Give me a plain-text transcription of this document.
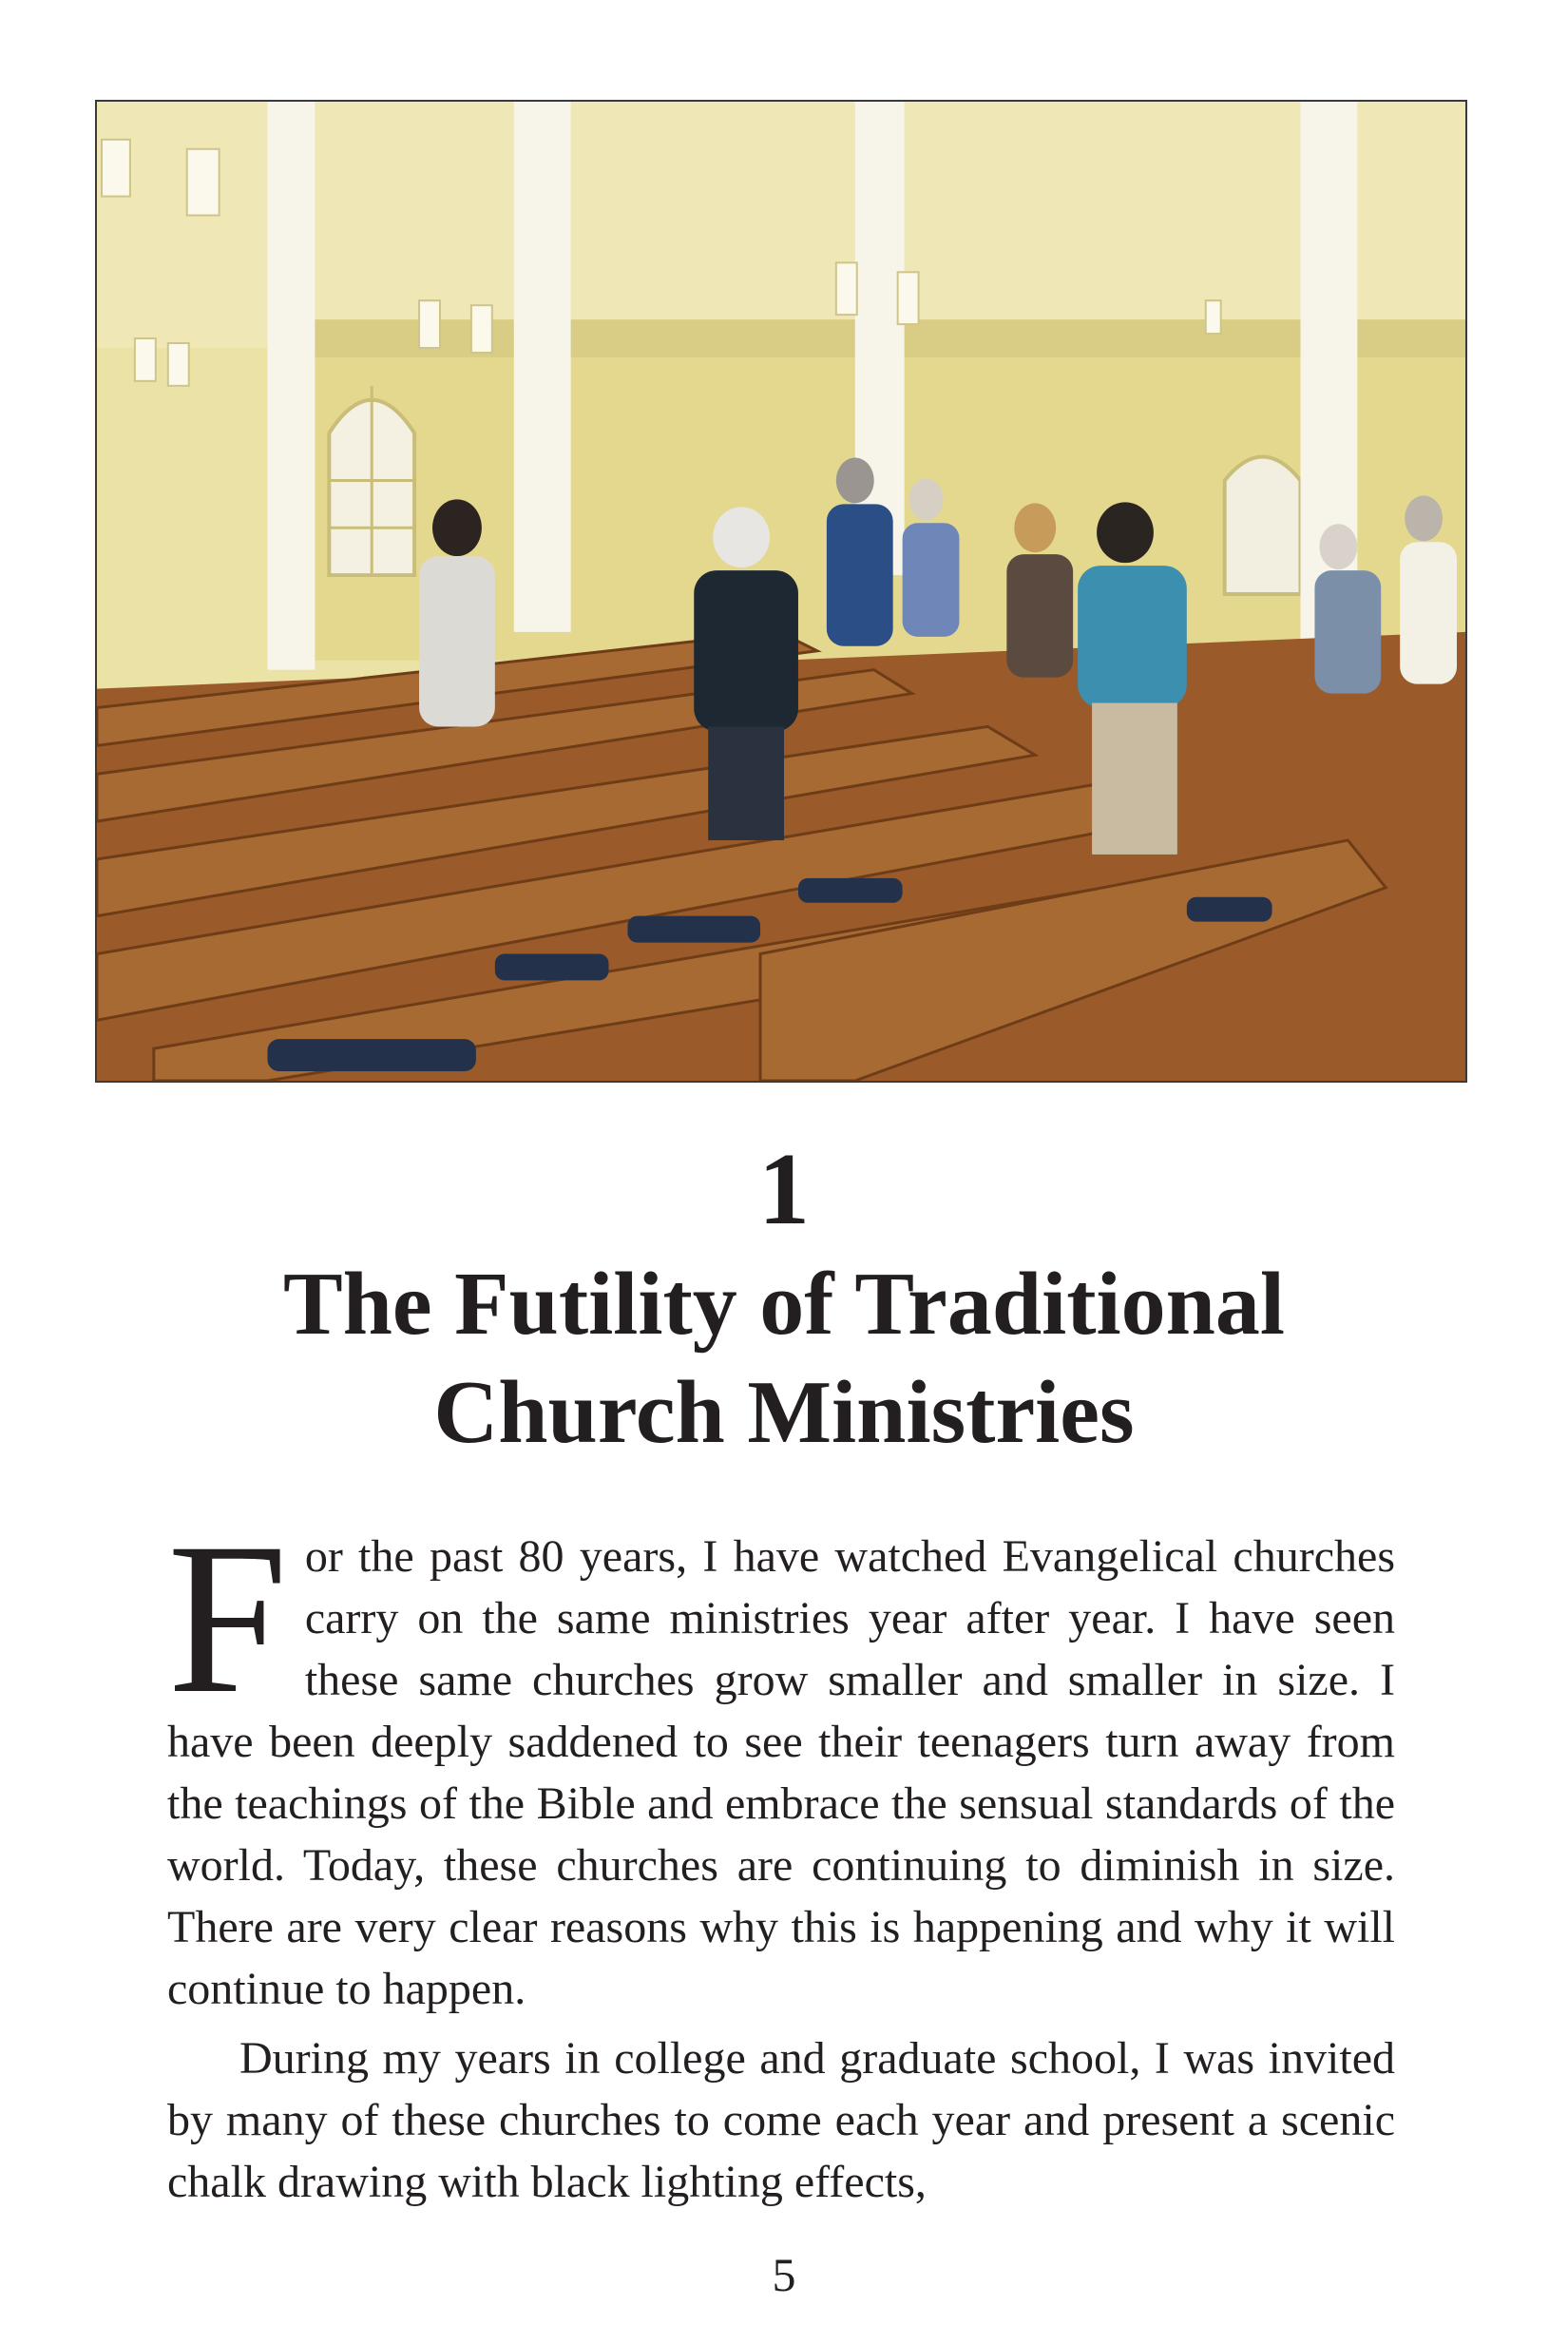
1
The Futility of Traditional
Church Ministries

For the past 80 years, I have watched Evangelical churches carry on the same ministries year after year. I have seen these same churches grow smaller and smaller in size. I have been deeply saddened to see their teenagers turn away from the teachings of the Bible and embrace the sensual standards of the world. Today, these churches are continuing to diminish in size. There are very clear reasons why this is happening and why it will continue to happen.

During my years in college and graduate school, I was invited by many of these churches to come each year and present a scenic chalk drawing with black lighting effects,

5
